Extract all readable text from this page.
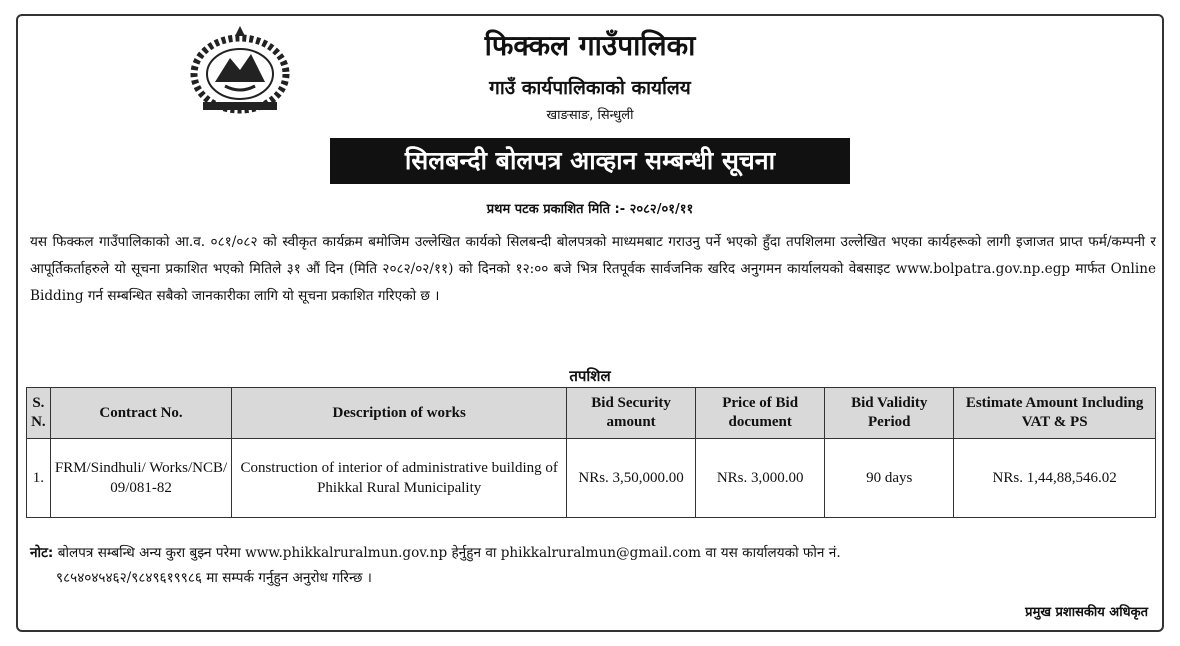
फिक्कल गाउँपालिका
गाउँ कार्यपालिकाको कार्यालय
खाङसाङ, सिन्धुली
सिलबन्दी बोलपत्र आव्हान सम्बन्धी सूचना
प्रथम पटक प्रकाशित मिति :- २०८२/०१/११
यस फिक्कल गाउँपालिकाको आ.व. ०८१/०८२ को स्वीकृत कार्यक्रम बमोजिम उल्लेखित कार्यको सिलबन्दी बोलपत्रको माध्यमबाट गराउनु पर्ने भएको हुँदा तपशिलमा उल्लेखित भएका कार्यहरूको लागी इजाजत प्राप्त फर्म/कम्पनी र आपूर्तिकर्ताहरुले यो सूचना प्रकाशित भएको मितिले ३१ औं दिन (मिति २०८२/०२/११) को दिनको १२:०० बजे भित्र रितपूर्वक सार्वजनिक खरिद अनुगमन कार्यालयको वेबसाइट www.bolpatra.gov.np.egp मार्फत Online Bidding गर्न सम्बन्धित सबैको जानकारीका लागि यो सूचना प्रकाशित गरिएको छ ।
तपशिल
S. N.	Contract No.	Description of works	Bid Security amount	Price of Bid document	Bid Validity Period	Estimate Amount Including VAT & PS
1.	FRM/Sindhuli/ Works/NCB/ 09/081-82	Construction of interior of administrative building of Phikkal Rural Municipality	NRs. 3,50,000.00	NRs. 3,000.00	90 days	NRs. 1,44,88,546.02
नोट: बोलपत्र सम्बन्धि अन्य कुरा बुझ्न परेमा www.phikkalruralmun.gov.np हेर्नुहुन वा phikkalruralmun@gmail.com वा यस कार्यालयको फोन नं.
९८५४०४५४६२/९८४९६१९९८६ मा सम्पर्क गर्नुहुन अनुरोध गरिन्छ ।
प्रमुख प्रशासकीय अधिकृत
